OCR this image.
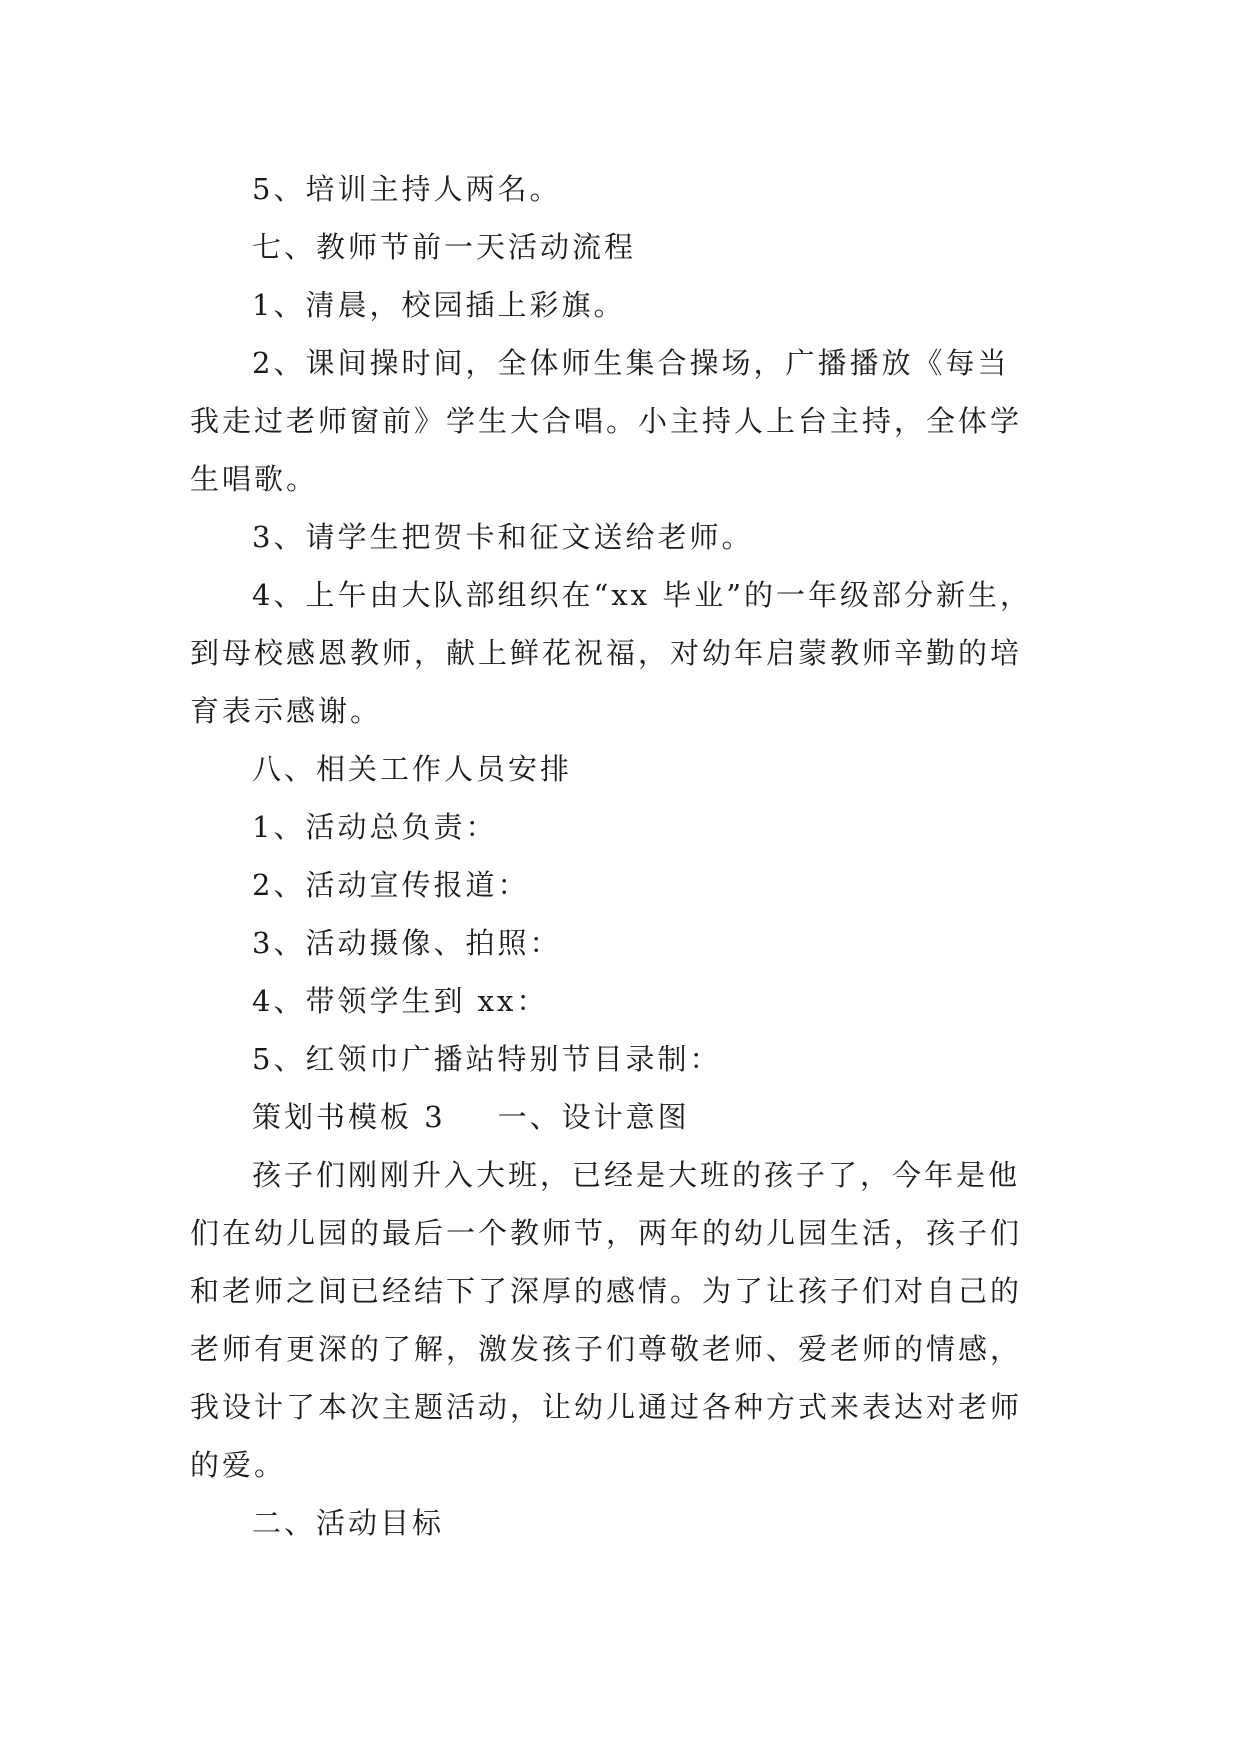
5、培训主持人两名。

七、教师节前一天活动流程

1、清晨，校园插上彩旗。

2、课间操时间，全体师生集合操场，广播播放《每当
我走过老师窗前》学生大合唱。小主持人上台主持，全体学
生唱歌。

3、请学生把贺卡和征文送给老师。

4、上午由大队部组织在“xx 毕业”的一年级部分新生，
到母校感恩教师，献上鲜花祝福，对幼年启蒙教师辛勤的培
育表示感谢。

八、相关工作人员安排

1、活动总负责：

2、活动宣传报道：

3、活动摄像、拍照：

4、带领学生到 xx：

5、红领巾广播站特别节目录制：

策划书模板 3 一、设计意图

孩子们刚刚升入大班，已经是大班的孩子了，今年是他
们在幼儿园的最后一个教师节，两年的幼儿园生活，孩子们
和老师之间已经结下了深厚的感情。为了让孩子们对自己的
老师有更深的了解，激发孩子们尊敬老师、爱老师的情感，
我设计了本次主题活动，让幼儿通过各种方式来表达对老师
的爱。

二、活动目标
